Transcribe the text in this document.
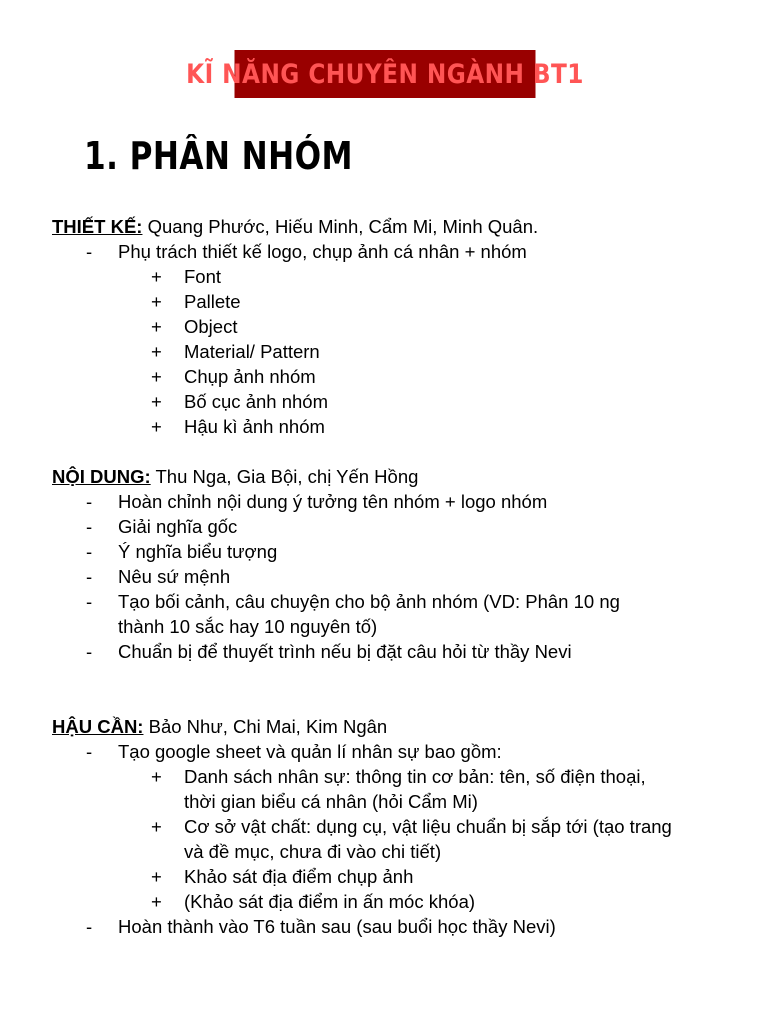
KĨ NĂNG CHUYÊN NGÀNH BT1
1. PHÂN NHÓM
THIẾT KẾ: Quang Phước, Hiếu Minh, Cẩm Mi, Minh Quân.
- Phụ trách thiết kế logo, chụp ảnh cá nhân + nhóm
+ Font
+ Pallete
+ Object
+ Material/ Pattern
+ Chụp ảnh nhóm
+ Bố cục ảnh nhóm
+ Hậu kì ảnh nhóm
NỘI DUNG: Thu Nga, Gia Bội, chị Yến Hồng
- Hoàn chỉnh nội dung ý tưởng tên nhóm + logo nhóm
- Giải nghĩa gốc
- Ý nghĩa biểu tượng
- Nêu sứ mệnh
- Tạo bối cảnh, câu chuyện cho bộ ảnh nhóm (VD: Phân 10 ng
thành 10 sắc hay 10 nguyên tố)
- Chuẩn bị để thuyết trình nếu bị đặt câu hỏi từ thầy Nevi
HẬU CẦN: Bảo Như, Chi Mai, Kim Ngân
- Tạo google sheet và quản lí nhân sự bao gồm:
+ Danh sách nhân sự: thông tin cơ bản: tên, số điện thoại,
thời gian biểu cá nhân (hỏi Cẩm Mi)
+ Cơ sở vật chất: dụng cụ, vật liệu chuẩn bị sắp tới (tạo trang
và đề mục, chưa đi vào chi tiết)
+ Khảo sát địa điểm chụp ảnh
+ (Khảo sát địa điểm in ấn móc khóa)
- Hoàn thành vào T6 tuần sau (sau buổi học thầy Nevi)
